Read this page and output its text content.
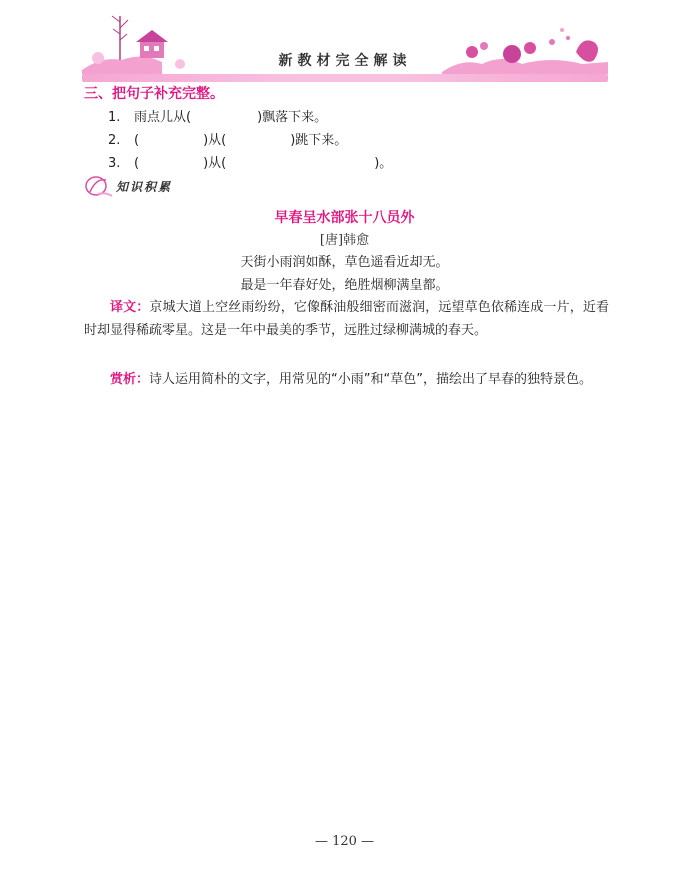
新教材完全解读
三、把句子补充完整。
1. 雨点儿从(	)飘落下来。
2. (	)从(	)跳下来。
3. (	)从(	)。
知识积累
早春呈水部张十八员外
[唐]韩愈
天街小雨润如酥，草色遥看近却无。
最是一年春好处，绝胜烟柳满皇都。
译文：京城大道上空丝雨纷纷，它像酥油般细密而滋润，远望草色依稀连成一片，近看时却显得稀疏零星。这是一年中最美的季节，远胜过绿柳满城的春天。
赏析：诗人运用简朴的文字，用常见的“小雨”和“草色”，描绘出了早春的独特景色。
— 120 —
